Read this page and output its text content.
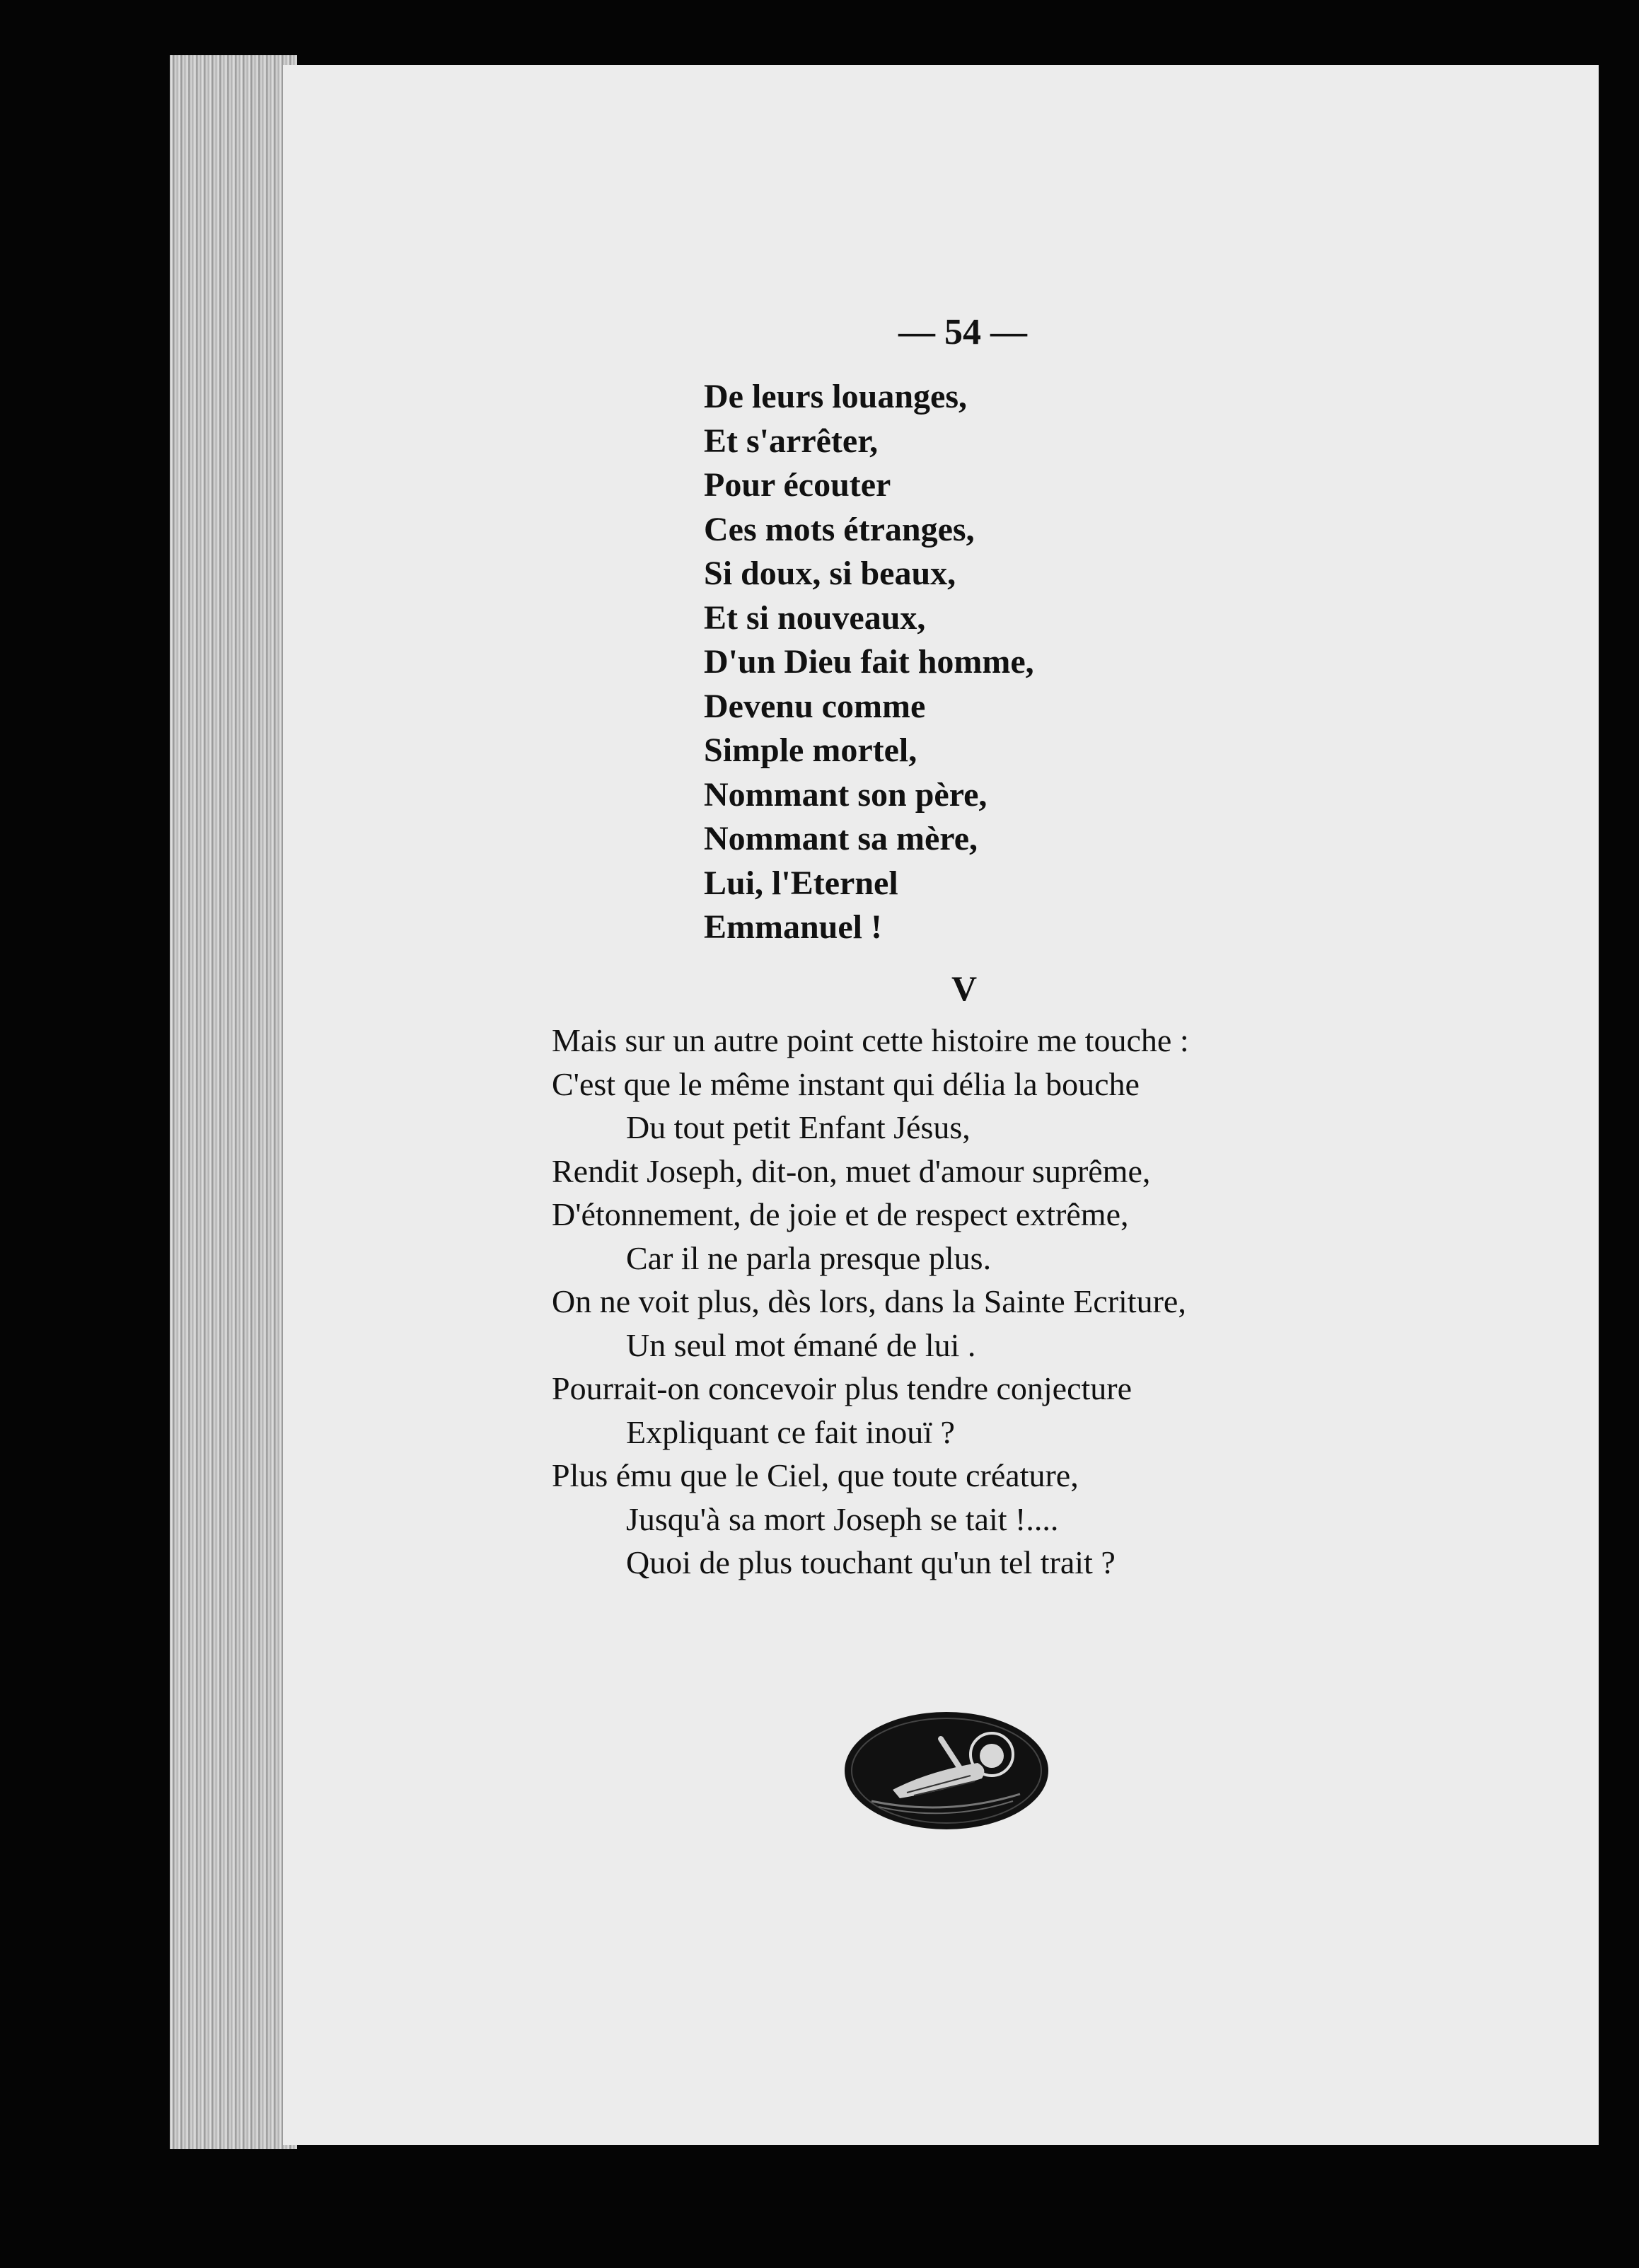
— 54 —
De leurs louanges,
Et s'arrêter,
Pour écouter
Ces mots étranges,
Si doux, si beaux,
Et si nouveaux,
D'un Dieu fait homme,
Devenu comme
Simple mortel,
Nommant son père,
Nommant sa mère,
Lui, l'Eternel
Emmanuel !
V
Mais sur un autre point cette histoire me touche :
C'est que le même instant qui délia la bouche
Du tout petit Enfant Jésus,
Rendit Joseph, dit-on, muet d'amour suprême,
D'étonnement, de joie et de respect extrême,
Car il ne parla presque plus.
On ne voit plus, dès lors, dans la Sainte Ecriture,
Un seul mot émané de lui .
Pourrait-on concevoir plus tendre conjecture
Expliquant ce fait inouï ?
Plus ému que le Ciel, que toute créature,
Jusqu'à sa mort Joseph se tait !....
Quoi de plus touchant qu'un tel trait ?
